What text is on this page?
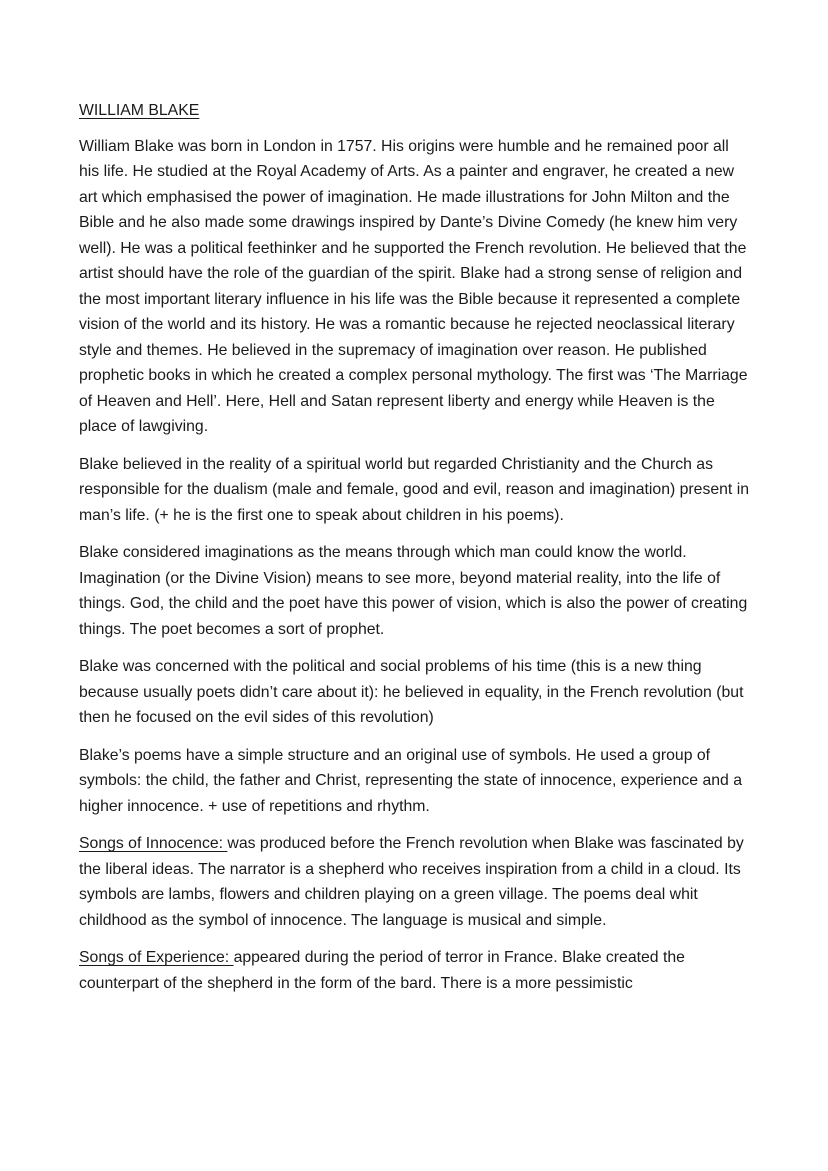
WILLIAM BLAKE

William Blake was born in London in 1757. His origins were humble and he remained poor all his life. He studied at the Royal Academy of Arts. As a painter and engraver, he created a new art which emphasised the power of imagination. He made illustrations for John Milton and the Bible and he also made some drawings inspired by Dante’s Divine Comedy (he knew him very well). He was a political feethinker and he supported the French revolution. He believed that the artist should have the role of the guardian of the spirit. Blake had a strong sense of religion and the most important literary influence in his life was the Bible because it represented a complete vision of the world and its history. He was a romantic because he rejected neoclassical literary style and themes. He believed in the supremacy of imagination over reason. He published prophetic books in which he created a complex personal mythology. The first was ‘The Marriage of Heaven and Hell’. Here, Hell and Satan represent liberty and energy while Heaven is the place of lawgiving.

Blake believed in the reality of a spiritual world but regarded Christianity and the Church as responsible for the dualism (male and female, good and evil, reason and imagination) present in man’s life. (+ he is the first one to speak about children in his poems).

Blake considered imaginations as the means through which man could know the world. Imagination (or the Divine Vision) means to see more, beyond material reality, into the life of things. God, the child and the poet have this power of vision, which is also the power of creating things. The poet becomes a sort of prophet.

Blake was concerned with the political and social problems of his time (this is a new thing because usually poets didn’t care about it): he believed in equality, in the French revolution (but then he focused on the evil sides of this revolution)

Blake’s poems have a simple structure and an original use of symbols. He used a group of symbols: the child, the father and Christ, representing the state of innocence, experience and a higher innocence. + use of repetitions and rhythm.

Songs of Innocence: was produced before the French revolution when Blake was fascinated by the liberal ideas. The narrator is a shepherd who receives inspiration from a child in a cloud. Its symbols are lambs, flowers and children playing on a green village. The poems deal whit childhood as the symbol of innocence. The language is musical and simple.

Songs of Experience: appeared during the period of terror in France. Blake created the counterpart of the shepherd in the form of the bard. There is a more pessimistic
